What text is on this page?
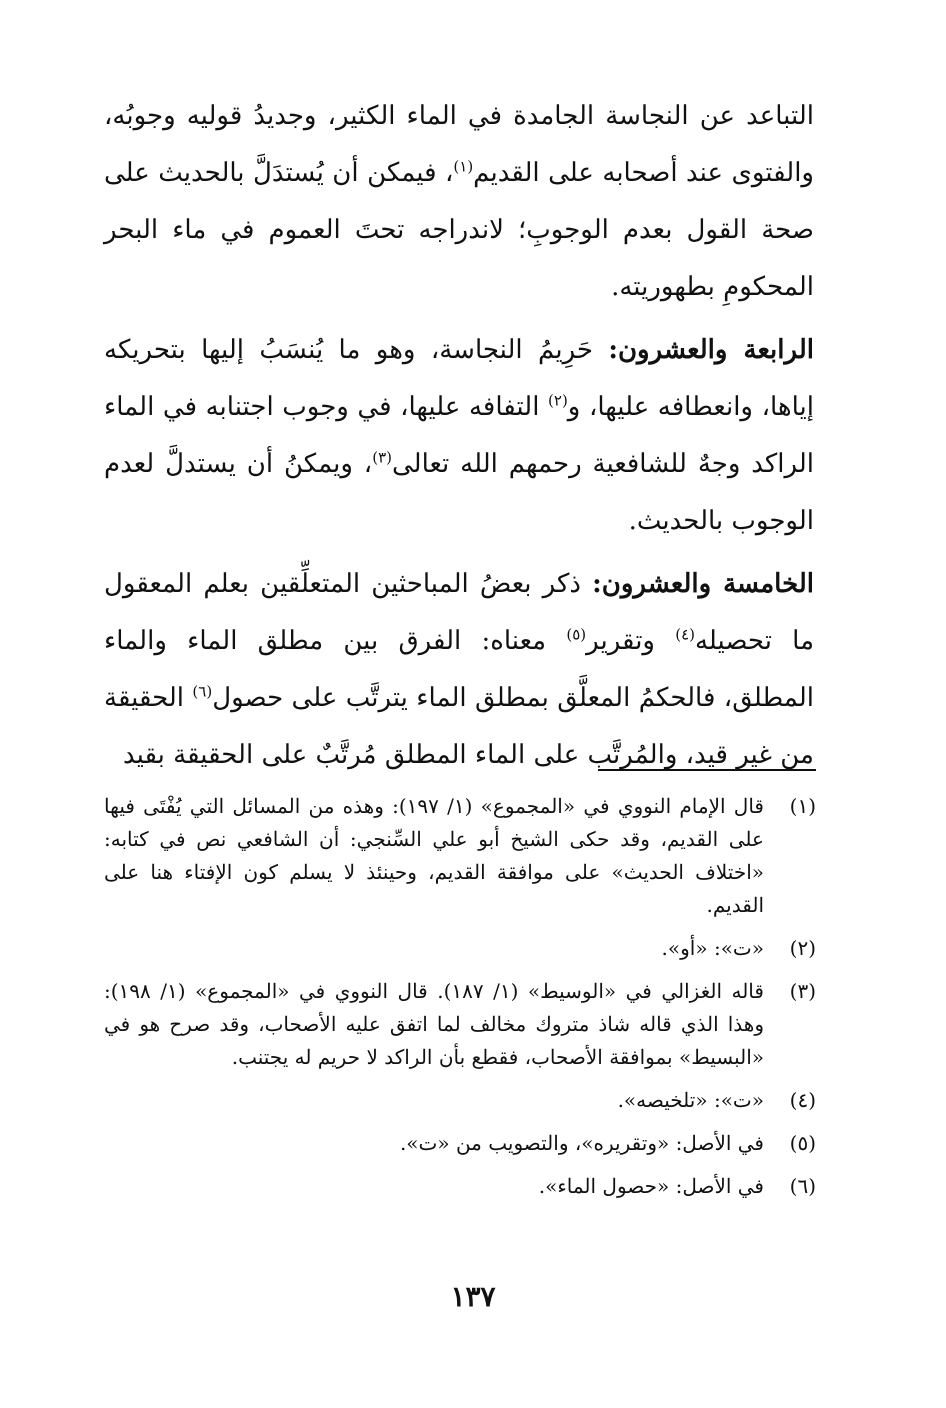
التباعد عن النجاسة الجامدة في الماء الكثير، وجديدُ قوليه وجوبُه، والفتوى عند أصحابه على القديم$^{(١)}$، فيمكن أن يُستدَلَّ بالحديث على صحة القول بعدم الوجوبِ؛ لاندراجه تحتَ العموم في ماء البحر المحكومِ بطهوريته.

الرابعة والعشرون: حَرِيمُ النجاسة، وهو ما يُنسَبُ إليها بتحريكه إياها، وانعطافه عليها، و$^{(٢)}$ التفافه عليها، في وجوب اجتنابه في الماء الراكد وجهٌ للشافعية رحمهم الله تعالى$^{(٣)}$، ويمكنُ أن يستدلَّ لعدم الوجوب بالحديث.

الخامسة والعشرون: ذكر بعضُ المباحثين المتعلِّقين بعلم المعقول ما تحصيله$^{(٤)}$ وتقرير$^{(٥)}$ معناه: الفرق بين مطلق الماء والماء المطلق، فالحكمُ المعلَّق بمطلق الماء يترتَّب على حصول$^{(٦)}$ الحقيقة من غير قيد، والمُرتَّب على الماء المطلق مُرتَّبٌ على الحقيقة بقيد

(١)
قال الإمام النووي في «المجموع» (١/ ١٩٧): وهذه من المسائل التي يُفْتَى فيها على القديم، وقد حكى الشيخ أبو علي السِّنجي: أن الشافعي نص في كتابه: «اختلاف الحديث» على موافقة القديم، وحينئذ لا يسلم كون الإفتاء هنا على القديم.
(٢)
«ت»: «أو».
(٣)
قاله الغزالي في «الوسيط» (١/ ١٨٧). قال النووي في «المجموع» (١/ ١٩٨): وهذا الذي قاله شاذ متروك مخالف لما اتفق عليه الأصحاب، وقد صرح هو في «البسيط» بموافقة الأصحاب، فقطع بأن الراكد لا حريم له يجتنب.
(٤)
«ت»: «تلخيصه».
(٥)
في الأصل: «وتقريره»، والتصويب من «ت».
(٦)
في الأصل: «حصول الماء».
١٣٧
